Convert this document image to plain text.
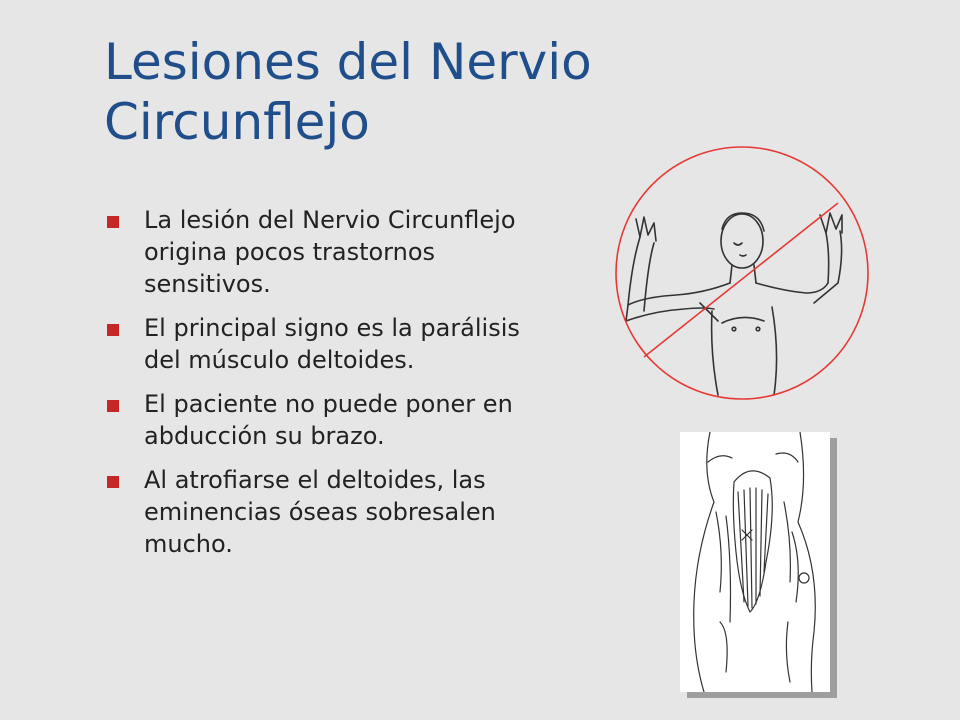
Lesiones del Nervio Circunflejo
La lesión del Nervio Circunflejo origina pocos trastornos sensitivos.
El principal signo es la parálisis del músculo deltoides.
El paciente no puede poner en abducción su brazo.
Al atrofiarse el deltoides, las eminencias óseas sobresalen mucho.
